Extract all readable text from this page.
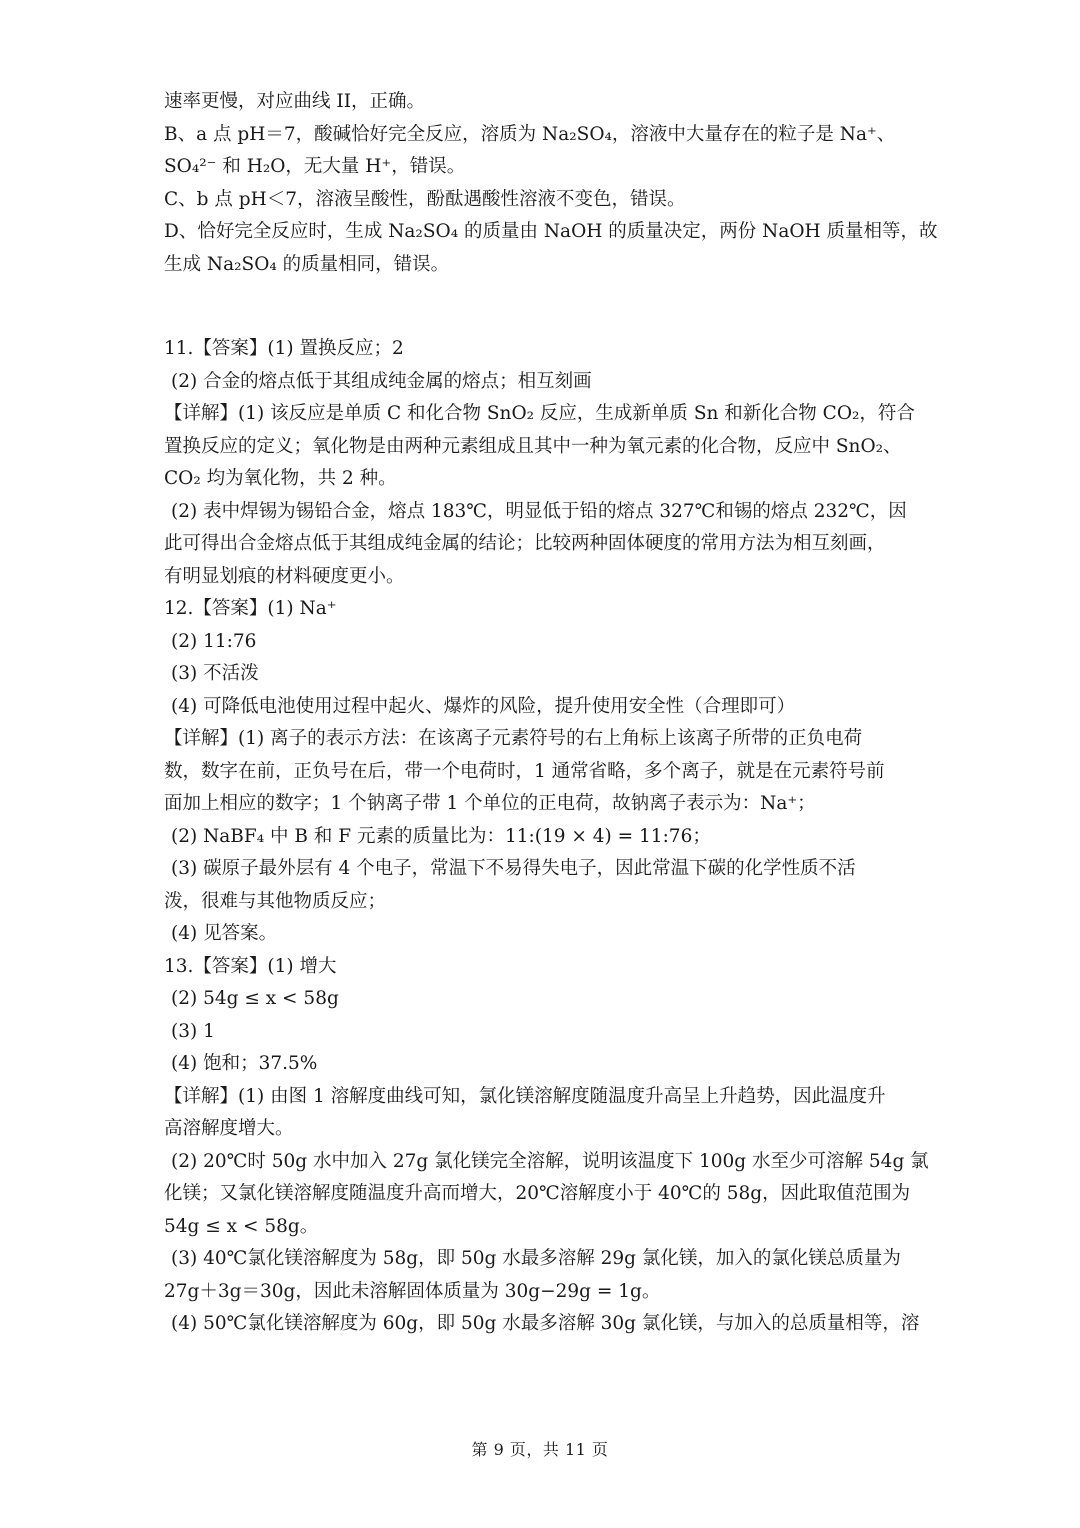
速率更慢，对应曲线 II，正确。
B、a 点 pH＝7，酸碱恰好完全反应，溶质为 Na₂SO₄，溶液中大量存在的粒子是 Na⁺、
SO₄²⁻ 和 H₂O，无大量 H⁺，错误。
C、b 点 pH＜7，溶液呈酸性，酚酞遇酸性溶液不变色，错误。
D、恰好完全反应时，生成 Na₂SO₄ 的质量由 NaOH 的质量决定，两份 NaOH 质量相等，故
生成 Na₂SO₄ 的质量相同，错误。
11.【答案】(1) 置换反应；2
(2) 合金的熔点低于其组成纯金属的熔点；相互刻画
【详解】(1) 该反应是单质 C 和化合物 SnO₂ 反应，生成新单质 Sn 和新化合物 CO₂，符合
置换反应的定义；氧化物是由两种元素组成且其中一种为氧元素的化合物，反应中 SnO₂、
CO₂ 均为氧化物，共 2 种。
(2) 表中焊锡为锡铅合金，熔点 183℃，明显低于铅的熔点 327℃和锡的熔点 232℃，因
此可得出合金熔点低于其组成纯金属的结论；比较两种固体硬度的常用方法为相互刻画，
有明显划痕的材料硬度更小。
12.【答案】(1) Na⁺
(2) 11:76
(3) 不活泼
(4) 可降低电池使用过程中起火、爆炸的风险，提升使用安全性（合理即可）
【详解】(1) 离子的表示方法：在该离子元素符号的右上角标上该离子所带的正负电荷
数，数字在前，正负号在后，带一个电荷时，1 通常省略，多个离子，就是在元素符号前
面加上相应的数字；1 个钠离子带 1 个单位的正电荷，故钠离子表示为：Na⁺；
(2) NaBF₄ 中 B 和 F 元素的质量比为：11:(19 × 4) = 11:76；
(3) 碳原子最外层有 4 个电子，常温下不易得失电子，因此常温下碳的化学性质不活
泼，很难与其他物质反应；
(4) 见答案。
13.【答案】(1) 增大
(2) 54g ≤ x < 58g
(3) 1
(4) 饱和；37.5%
【详解】(1) 由图 1 溶解度曲线可知，氯化镁溶解度随温度升高呈上升趋势，因此温度升
高溶解度增大。
(2) 20℃时 50g 水中加入 27g 氯化镁完全溶解，说明该温度下 100g 水至少可溶解 54g 氯
化镁；又氯化镁溶解度随温度升高而增大，20℃溶解度小于 40℃的 58g，因此取值范围为
54g ≤ x < 58g。
(3) 40℃氯化镁溶解度为 58g，即 50g 水最多溶解 29g 氯化镁，加入的氯化镁总质量为
27g＋3g＝30g，因此未溶解固体质量为 30g−29g = 1g。
(4) 50℃氯化镁溶解度为 60g，即 50g 水最多溶解 30g 氯化镁，与加入的总质量相等，溶
第 9 页，共 11 页
